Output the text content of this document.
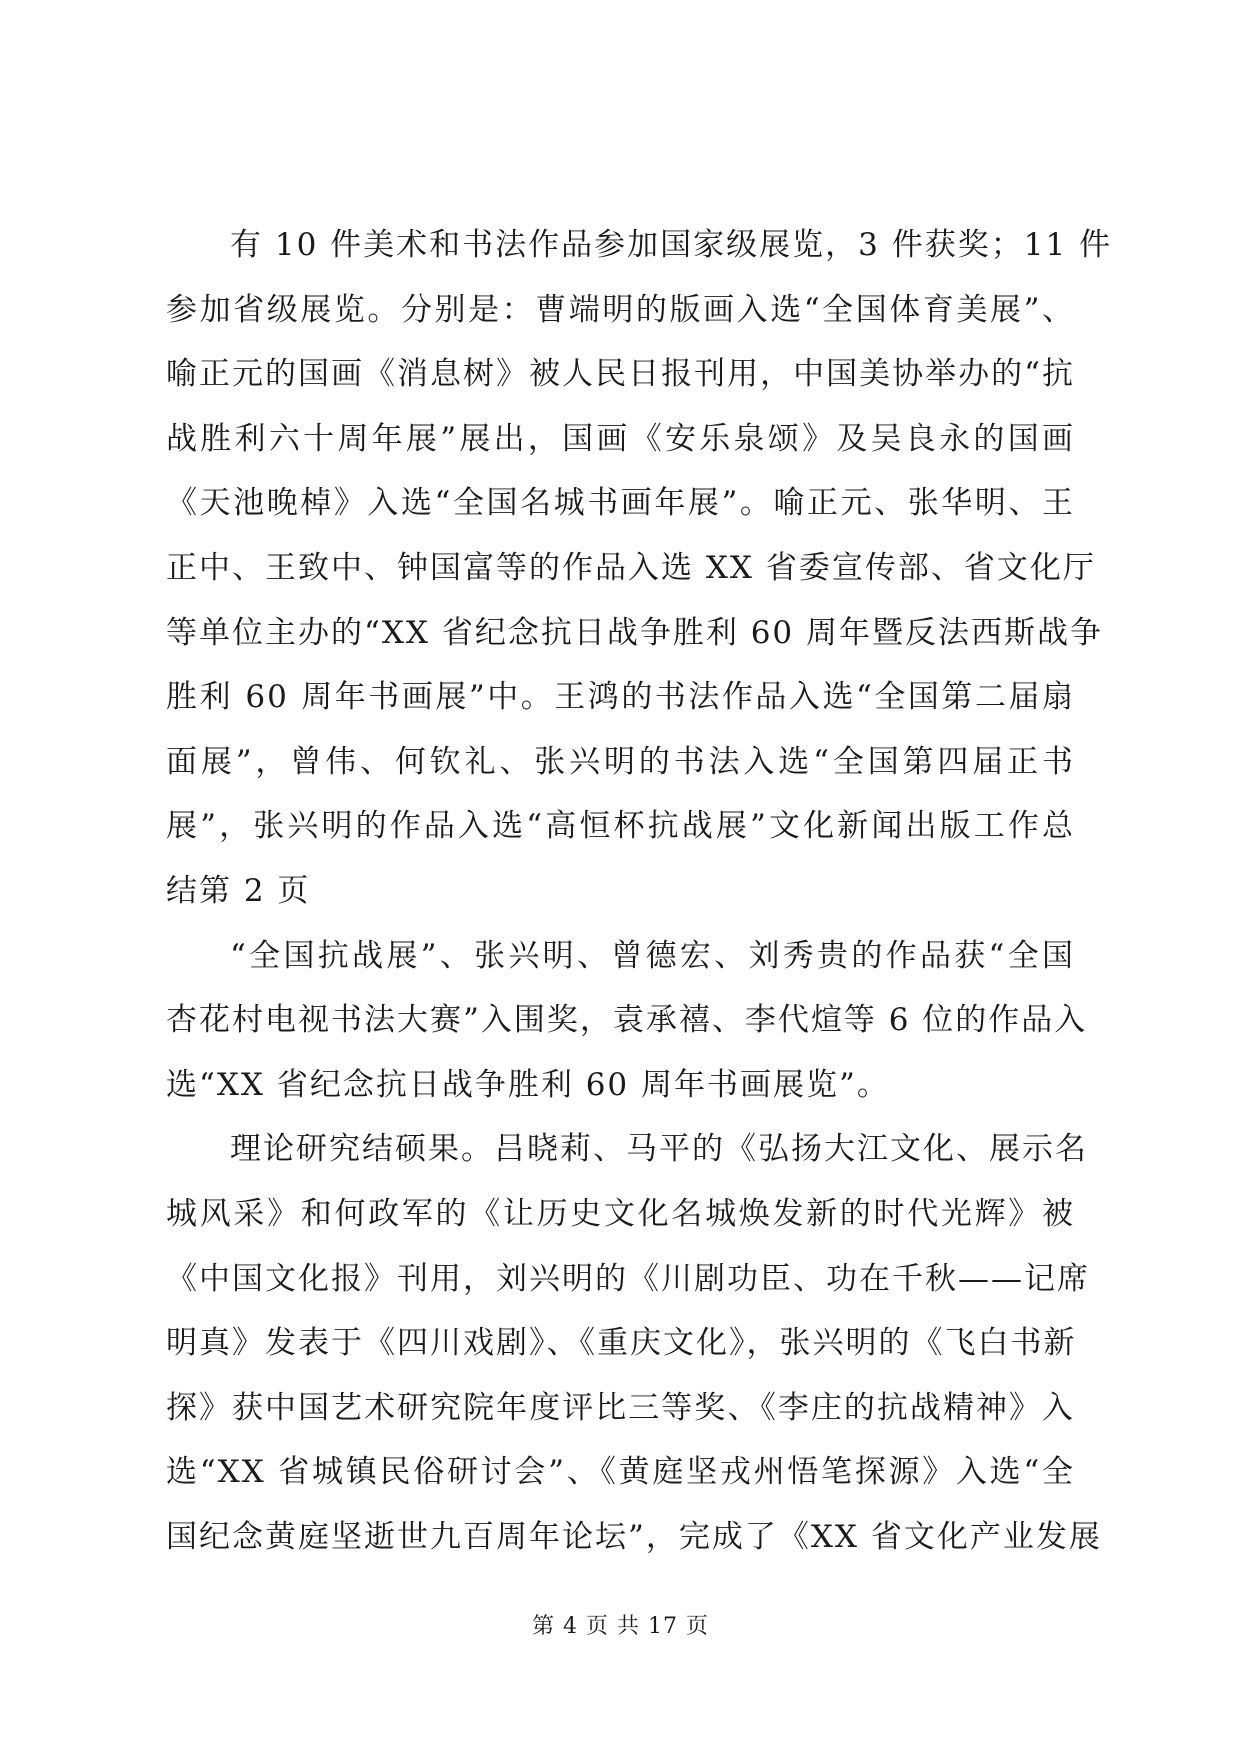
有 10 件美术和书法作品参加国家级展览，3 件获奖；11 件
参加省级展览。分别是：曹端明的版画入选“全国体育美展”、
喻正元的国画《消息树》被人民日报刊用，中国美协举办的“抗
战胜利六十周年展”展出，国画《安乐泉颂》及吴良永的国画
《天池晚棹》入选“全国名城书画年展”。喻正元、张华明、王
正中、王致中、钟国富等的作品入选 XX 省委宣传部、省文化厅
等单位主办的“XX 省纪念抗日战争胜利 60 周年暨反法西斯战争
胜利 60 周年书画展”中。王鸿的书法作品入选“全国第二届扇
面展”，曾伟、何钦礼、张兴明的书法入选“全国第四届正书
展”，张兴明的作品入选“高恒杯抗战展”文化新闻出版工作总
结第 2 页
“全国抗战展”、张兴明、曾德宏、刘秀贵的作品获“全国
杏花村电视书法大赛”入围奖，袁承禧、李代煊等 6 位的作品入
选“XX 省纪念抗日战争胜利 60 周年书画展览”。
理论研究结硕果。吕晓莉、马平的《弘扬大江文化、展示名
城风采》和何政军的《让历史文化名城焕发新的时代光辉》被
《中国文化报》刊用，刘兴明的《川剧功臣、功在千秋——记席
明真》发表于《四川戏剧》、《重庆文化》，张兴明的《飞白书新
探》获中国艺术研究院年度评比三等奖、《李庄的抗战精神》入
选“XX 省城镇民俗研讨会”、《黄庭坚戎州悟笔探源》入选“全
国纪念黄庭坚逝世九百周年论坛”，完成了《XX 省文化产业发展
第 4 页 共 17 页
